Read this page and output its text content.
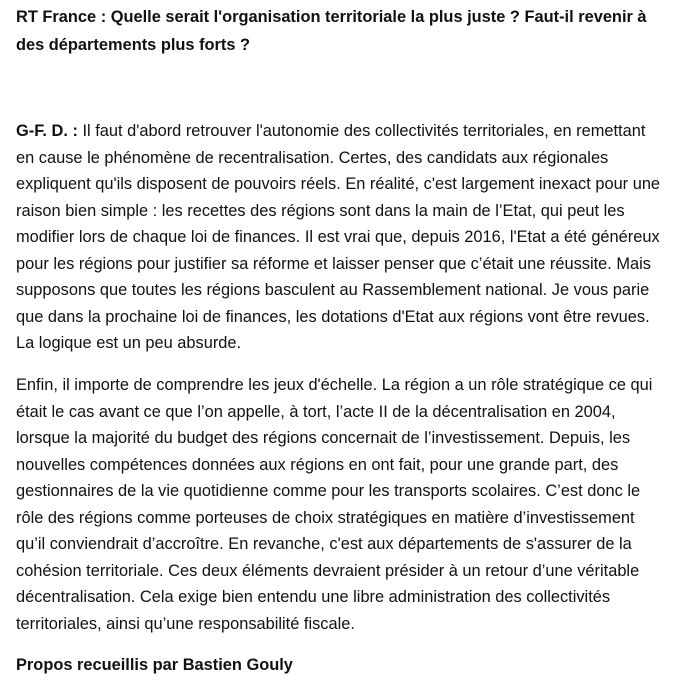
RT France : Quelle serait l'organisation territoriale la plus juste ? Faut-il revenir à des départements plus forts ?

G-F. D. : Il faut d'abord retrouver l'autonomie des collectivités territoriales, en remettant en cause le phénomène de recentralisation. Certes, des candidats aux régionales expliquent qu'ils disposent de pouvoirs réels. En réalité, c'est largement inexact pour une raison bien simple : les recettes des régions sont dans la main de l’Etat, qui peut les modifier lors de chaque loi de finances. Il est vrai que, depuis 2016, l'Etat a été généreux pour les régions pour justifier sa réforme et laisser penser que c’était une réussite. Mais supposons que toutes les régions basculent au Rassemblement national. Je vous parie que dans la prochaine loi de finances, les dotations d'Etat aux régions vont être revues. La logique est un peu absurde.

Enfin, il importe de comprendre les jeux d'échelle. La région a un rôle stratégique ce qui était le cas avant ce que l’on appelle, à tort, l’acte II de la décentralisation en 2004, lorsque la majorité du budget des régions concernait de l’investissement. Depuis, les nouvelles compétences données aux régions en ont fait, pour une grande part, des gestionnaires de la vie quotidienne comme pour les transports scolaires. C’est donc le rôle des régions comme porteuses de choix stratégiques en matière d’investissement qu’il conviendrait d’accroître. En revanche, c'est aux départements de s'assurer de la cohésion territoriale. Ces deux éléments devraient présider à un retour d’une véritable décentralisation. Cela exige bien entendu une libre administration des collectivités territoriales, ainsi qu’une responsabilité fiscale.

Propos recueillis par Bastien Gouly
